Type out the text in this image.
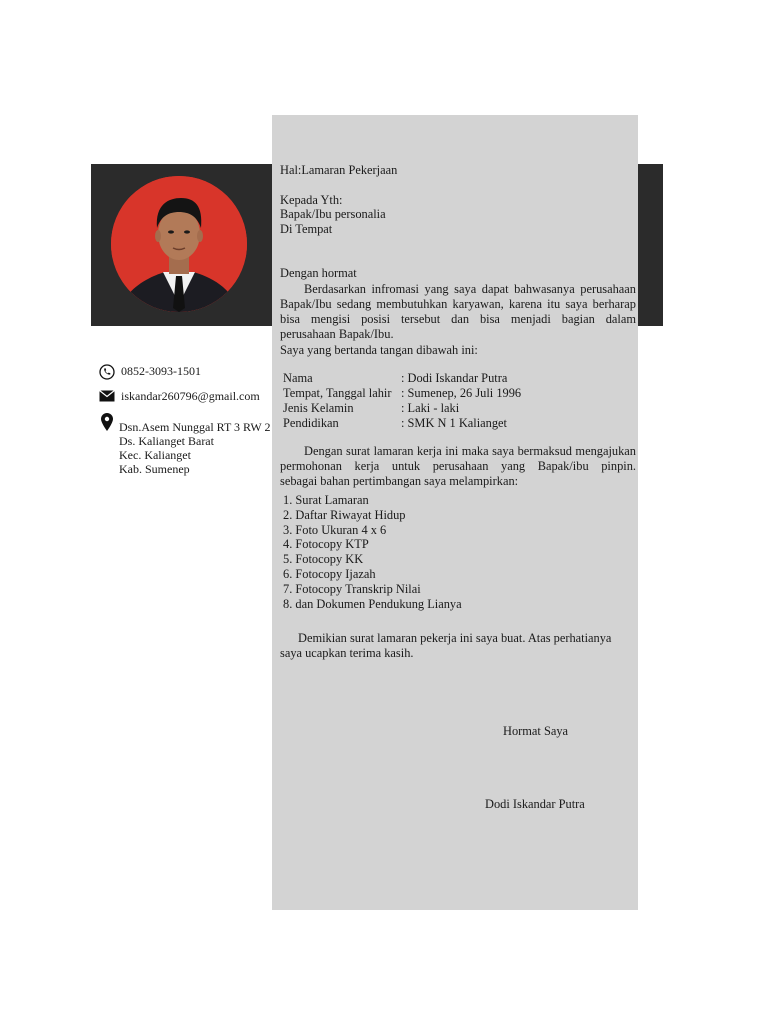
0852-3093-1501
iskandar260796@gmail.com
Dsn.Asem Nunggal RT 3 RW 2
Ds. Kalianget Barat
Kec. Kalianget
Kab. Sumenep
Hal:Lamaran Pekerjaan
Kepada Yth:
Bapak/Ibu personalia
Di Tempat
Dengan hormat
Berdasarkan infromasi yang saya dapat bahwasanya perusahaan
Bapak/Ibu sedang membutuhkan karyawan, karena itu saya berharap
bisa mengisi posisi tersebut dan bisa menjadi bagian dalam
perusahaan Bapak/Ibu.
Saya yang bertanda tangan dibawah ini:
Nama	: Dodi Iskandar Putra
Tempat, Tanggal lahir : Sumenep, 26 Juli 1996
Jenis Kelamin	: Laki - laki
Pendidikan	: SMK N 1 Kalianget
Dengan surat lamaran kerja ini maka saya bermaksud mengajukan
permohonan kerja untuk perusahaan yang Bapak/ibu pinpin.
sebagai bahan pertimbangan saya melampirkan:
1. Surat Lamaran
2. Daftar Riwayat Hidup
3. Foto Ukuran 4 x 6
4. Fotocopy KTP
5. Fotocopy KK
6. Fotocopy Ijazah
7. Fotocopy Transkrip Nilai
8. dan Dokumen Pendukung Lianya
Demikian surat lamaran pekerja ini saya buat. Atas perhatianya
saya ucapkan terima kasih.
Hormat Saya
Dodi Iskandar Putra
